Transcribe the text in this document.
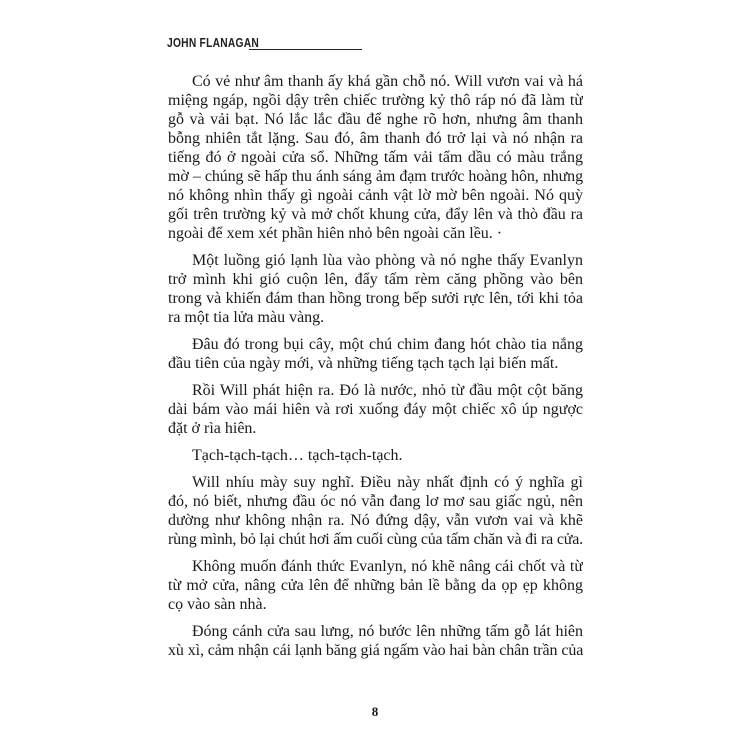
JOHN FLANAGAN
Có vẻ như âm thanh ấy khá gần chỗ nó. Will vươn vai và há
miệng ngáp, ngồi dậy trên chiếc trường kỷ thô ráp nó đã làm từ
gỗ và vải bạt. Nó lắc lắc đầu để nghe rõ hơn, nhưng âm thanh
bỗng nhiên tắt lặng. Sau đó, âm thanh đó trở lại và nó nhận ra
tiếng đó ở ngoài cửa sổ. Những tấm vải tẩm dầu có màu trắng
mờ – chúng sẽ hấp thu ánh sáng ảm đạm trước hoàng hôn, nhưng
nó không nhìn thấy gì ngoài cảnh vật lờ mờ bên ngoài. Nó quỳ
gối trên trường kỷ và mở chốt khung cửa, đẩy lên và thò đầu ra
ngoài để xem xét phần hiên nhỏ bên ngoài căn lều. ·
Một luồng gió lạnh lùa vào phòng và nó nghe thấy Evanlyn
trở mình khi gió cuộn lên, đẩy tấm rèm căng phồng vào bên
trong và khiến đám than hồng trong bếp sưởi rực lên, tới khi tỏa
ra một tia lửa màu vàng.
Đâu đó trong bụi cây, một chú chim đang hót chào tia nắng
đầu tiên của ngày mới, và những tiếng tạch tạch lại biến mất.
Rồi Will phát hiện ra. Đó là nước, nhỏ từ đầu một cột băng
dài bám vào mái hiên và rơi xuống đáy một chiếc xô úp ngược
đặt ở rìa hiên.
Tạch-tạch-tạch… tạch-tạch-tạch.
Will nhíu mày suy nghĩ. Điều này nhất định có ý nghĩa gì
đó, nó biết, nhưng đầu óc nó vẫn đang lơ mơ sau giấc ngủ, nên
dường như không nhận ra. Nó đứng dậy, vẫn vươn vai và khẽ
rùng mình, bỏ lại chút hơi ấm cuối cùng của tấm chăn và đi ra cửa.
Không muốn đánh thức Evanlyn, nó khẽ nâng cái chốt và từ
từ mở cửa, nâng cửa lên để những bản lề bằng da ọp ẹp không
cọ vào sàn nhà.
Đóng cánh cửa sau lưng, nó bước lên những tấm gỗ lát hiên
xù xì, cảm nhận cái lạnh băng giá ngấm vào hai bàn chân trần của
8
